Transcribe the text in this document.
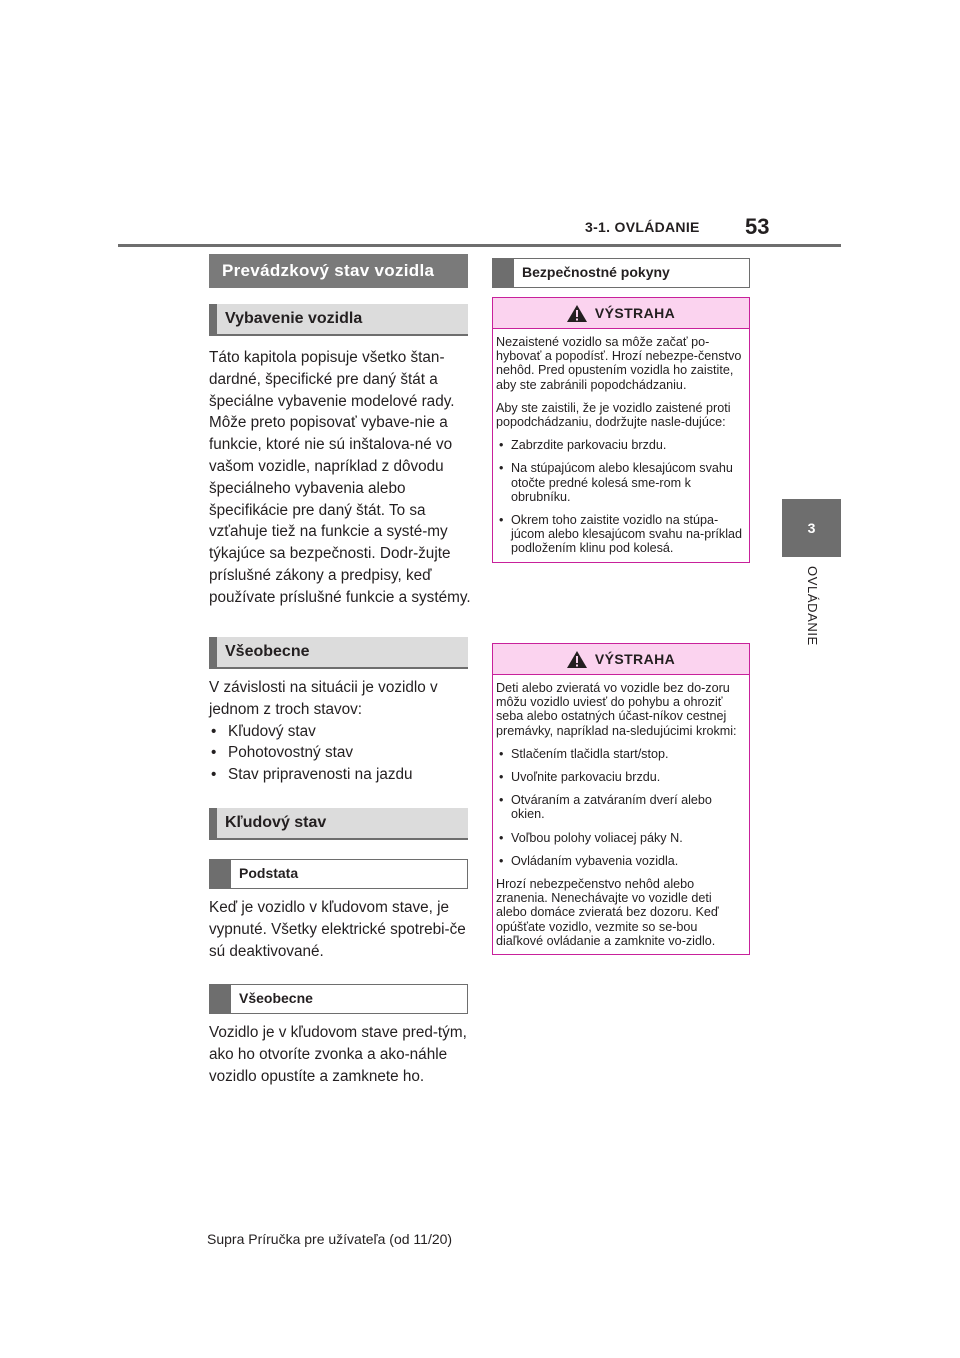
3-1. OVLÁDANIE 53
3
OVLÁDANIE
Prevádzkový stav vozidla
Vybavenie vozidla

Táto kapitola popisuje všetko štan-dardné, špecifické pre daný štát a špeciálne vybavenie modelové rady. Môže preto popisovať vybave-nie a funkcie, ktoré nie sú inštalova-né vo vašom vozidle, napríklad z dôvodu špeciálneho vybavenia alebo špecifikácie pre daný štát. To sa vzťahuje tiež na funkcie a systé-my týkajúce sa bezpečnosti. Dodr-žujte príslušné zákony a predpisy, keď používate príslušné funkcie a systémy.

Všeobecne

V závislosti na situácii je vozidlo v jednom z troch stavov:

• Kľudový stav
• Pohotovostný stav
• Stav pripravenosti na jazdu
Kľudový stav
Podstata

Keď je vozidlo v kľudovom stave, je vypnuté. Všetky elektrické spotrebi-če sú deaktivované.

Všeobecne

Vozidlo je v kľudovom stave pred-tým, ako ho otvoríte zvonka a ako-náhle vozidlo opustíte a zamknete ho.

Bezpečnostné pokyny
VÝSTRAHA

Nezaistené vozidlo sa môže začať po-hybovať a popodísť. Hrozí nebezpe-čenstvo nehôd. Pred opustením vozidla ho zaistite, aby ste zabránili popodchádzaniu.

Aby ste zaistili, že je vozidlo zaistené proti popodchádzaniu, dodržujte nasle-dujúce:

• Zabrzdite parkovaciu brzdu.
• Na stúpajúcom alebo klesajúcom svahu otočte predné kolesá sme-rom k obrubníku.
• Okrem toho zaistite vozidlo na stúpa-júcom alebo klesajúcom svahu na-príklad podložením klinu pod kolesá.
VÝSTRAHA

Deti alebo zvieratá vo vozidle bez do-zoru môžu vozidlo uviesť do pohybu a ohroziť seba alebo ostatných účast-níkov cestnej premávky, napríklad na-sledujúcimi krokmi:

• Stlačením tlačidla start/stop.
• Uvoľnite parkovaciu brzdu.
• Otváraním a zatváraním dverí alebo okien.
• Voľbou polohy voliacej páky N.
• Ovládaním vybavenia vozidla.

Hrozí nebezpečenstvo nehôd alebo zranenia. Nenechávajte vo vozidle deti alebo domáce zvieratá bez dozoru. Keď opúšťate vozidlo, vezmite so se-bou diaľkové ovládanie a zamknite vo-zidlo.

Supra Príručka pre užívateľa (od 11/20)
